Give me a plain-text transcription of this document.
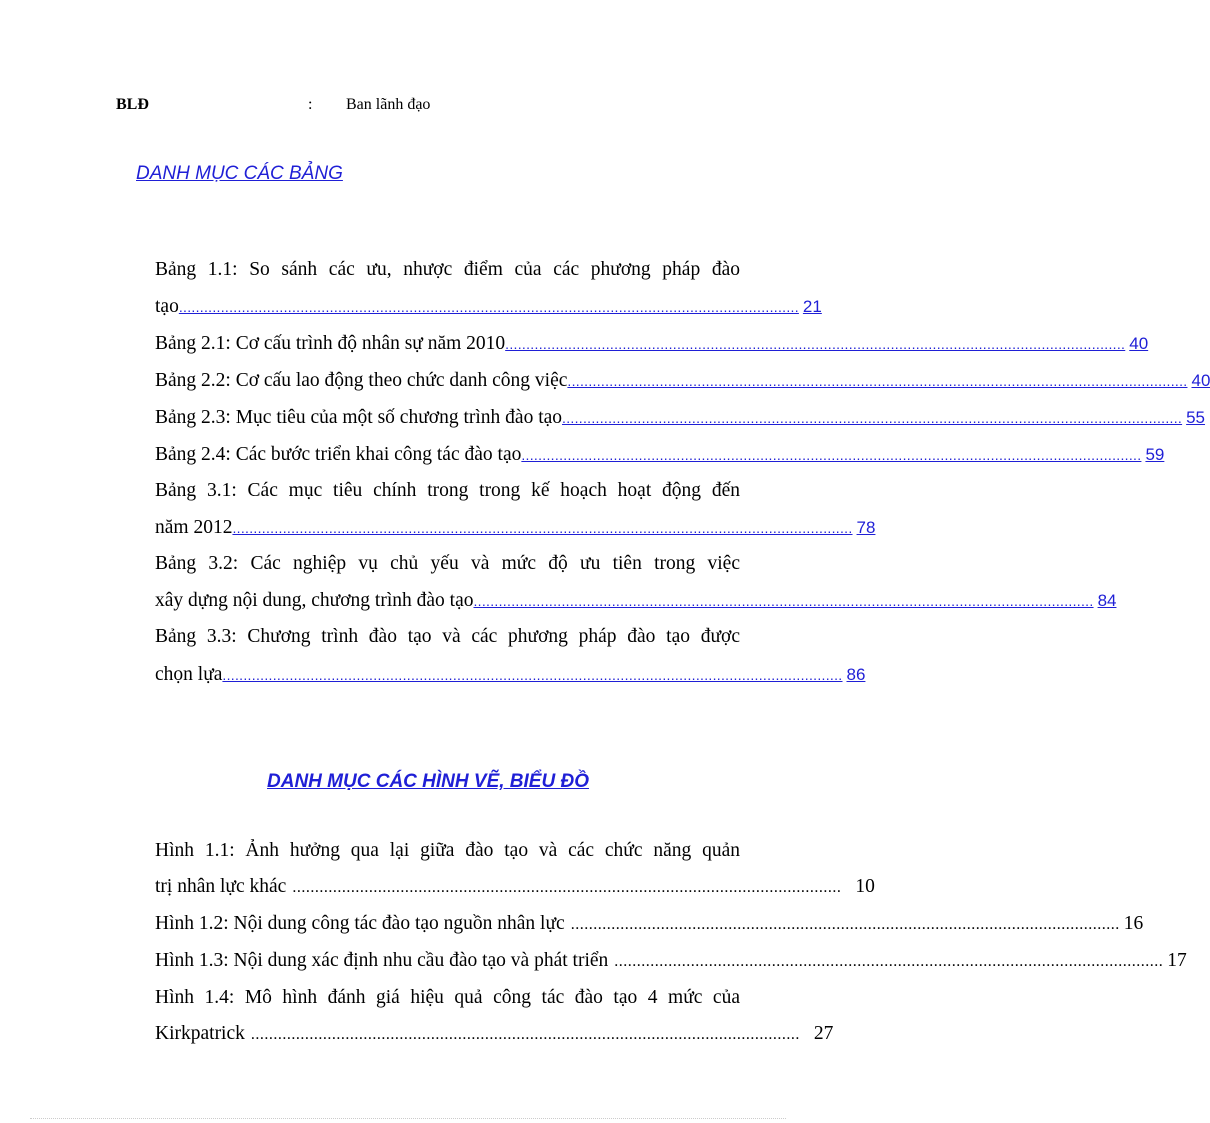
BLĐ	: Ban lãnh đạo
DANH MỤC CÁC BẢNG
Bảng 1.1: So sánh các ưu, nhược điểm của các phương pháp đào
tạo .................................................................................................................................................... 21
Bảng 2.1: Cơ cấu trình độ nhân sự năm 2010 .................................................................................................................................................... 40
Bảng 2.2: Cơ cấu lao động theo chức danh công việc .................................................................................................................................................... 40
Bảng 2.3: Mục tiêu của một số chương trình đào tạo .................................................................................................................................................... 55
Bảng 2.4: Các bước triển khai công tác đào tạo .................................................................................................................................................... 59
Bảng 3.1: Các mục tiêu chính trong trong kế hoạch hoạt động đến
năm 2012 .................................................................................................................................................... 78
Bảng 3.2: Các nghiệp vụ chủ yếu và mức độ ưu tiên trong việc
xây dựng nội dung, chương trình đào tạo .................................................................................................................................................... 84
Bảng 3.3: Chương trình đào tạo và các phương pháp đào tạo được
chọn lựa .................................................................................................................................................... 86
DANH MỤC CÁC HÌNH VẼ, BIỂU ĐỒ
Hình 1.1: Ảnh hưởng qua lại giữa đào tạo và các chức năng quản
trị nhân lực khác .......................................................................................................................... 10
Hình 1.2: Nội dung công tác đào tạo nguồn nhân lực .......................................................................................................................... 16
Hình 1.3: Nội dung xác định nhu cầu đào tạo và phát triển .......................................................................................................................... 17
Hình 1.4: Mô hình đánh giá hiệu quả công tác đào tạo 4 mức của
Kirkpatrick .......................................................................................................................... 27
